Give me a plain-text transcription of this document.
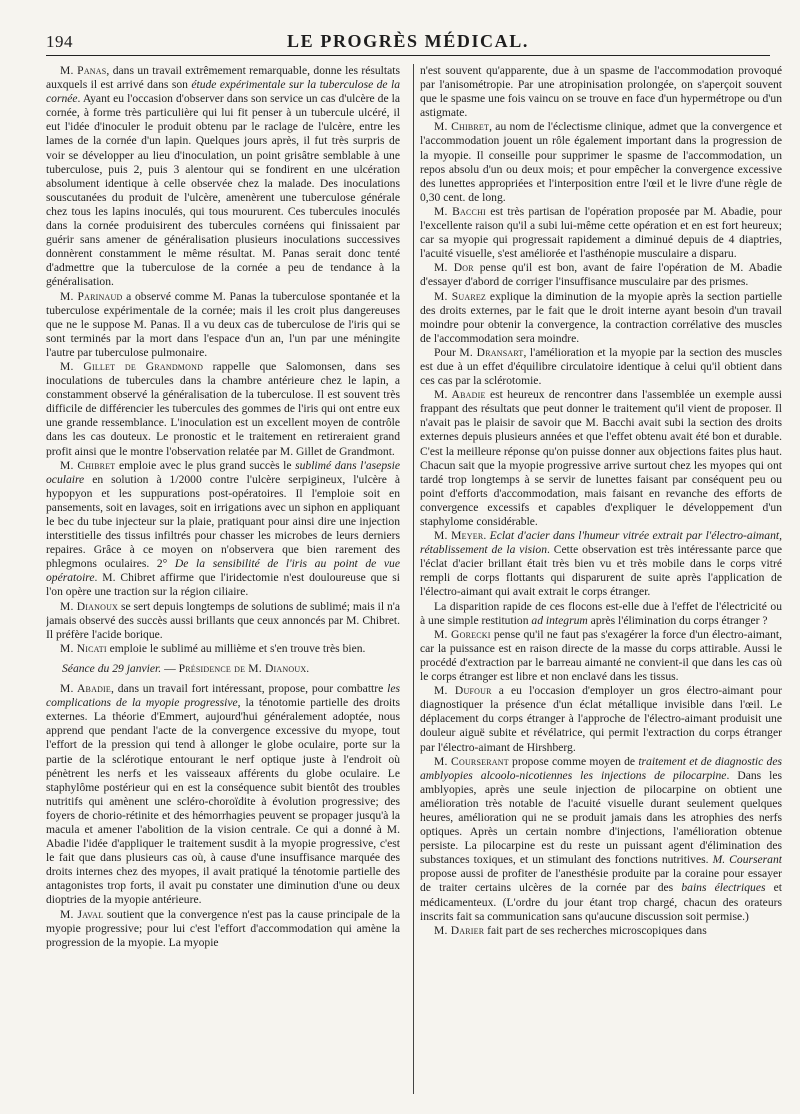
194	LE PROGRÈS MÉDICAL.

M. Panas, dans un travail extrêmement remarquable, donne les résultats auxquels il est arrivé dans son étude expérimentale sur la tuberculose de la cornée. Ayant eu l'occasion d'observer dans son service un cas d'ulcère de la cornée, à forme très particulière qui lui fit penser à un tubercule ulcéré, il eut l'idée d'inoculer le produit obtenu par le raclage de l'ulcère, entre les lames de la cornée d'un lapin. Quelques jours après, il fut très surpris de voir se développer au lieu d'inoculation, un point grisâtre semblable à une tuberculose, puis 2, puis 3 alentour qui se fondirent en une ulcération absolument identique à celle observée chez la malade. Des inoculations souscutanées du produit de l'ulcère, amenèrent une tuberculose générale chez tous les lapins inoculés, qui tous moururent. Ces tubercules inoculés dans la cornée produisirent des tubercules cornéens qui finissaient par guérir sans amener de généralisation plusieurs inoculations successives donnèrent constamment le même résultat. M. Panas serait donc tenté d'admettre que la tuberculose de la cornée a peu de tendance à la généralisation.

M. Parinaud a observé comme M. Panas la tuberculose spontanée et la tuberculose expérimentale de la cornée; mais il les croit plus dangereuses que ne le suppose M. Panas. Il a vu deux cas de tuberculose de l'iris qui se sont terminés par la mort dans l'espace d'un an, l'un par une méningite l'autre par tuberculose pulmonaire.

M. Gillet de Grandmond rappelle que Salomonsen, dans ses inoculations de tubercules dans la chambre antérieure chez le lapin, a constamment observé la généralisation de la tuberculose. Il est souvent très difficile de différencier les tubercules des gommes de l'iris qui ont entre eux une grande ressemblance. L'inoculation est un excellent moyen de contrôle dans les cas douteux. Le pronostic et le traitement en retireraient grand profit ainsi que le montre l'observation relatée par M. Gillet de Grandmont.

M. Chibret emploie avec le plus grand succès le sublimé dans l'asepsie oculaire en solution à 1/2000 contre l'ulcère serpigineux, l'ulcère à hypopyon et les suppurations post-opératoires. Il l'emploie soit en pansements, soit en lavages, soit en irrigations avec un siphon en appliquant le bec du tube injecteur sur la plaie, pratiquant pour ainsi dire une injection interstitielle des tissus infiltrés pour chasser les microbes de leurs derniers repaires. Grâce à ce moyen on n'observera que bien rarement des phlegmons oculaires. 2° De la sensibilité de l'iris au point de vue opératoire. M. Chibret affirme que l'iridectomie n'est douloureuse que si l'on opère une traction sur la région ciliaire.

M. Dianoux se sert depuis longtemps de solutions de sublimé; mais il n'a jamais observé des succès aussi brillants que ceux annoncés par M. Chibret. Il préfère l'acide borique.

M. Nicati emploie le sublimé au millième et s'en trouve très bien.

Séance du 29 janvier. — Présidence de M. Dianoux.

M. Abadie, dans un travail fort intéressant, propose, pour combattre les complications de la myopie progressive, la ténotomie partielle des droits externes. La théorie d'Emmert, aujourd'hui généralement adoptée, nous apprend que pendant l'acte de la convergence excessive du myope, tout l'effort de la pression qui tend à allonger le globe oculaire, porte sur la partie de la sclérotique entourant le nerf optique juste à l'endroit où pénètrent les nerfs et les vaisseaux afférents du globe oculaire. Le staphylôme postérieur qui en est la conséquence subit bientôt des troubles nutritifs qui amènent une scléro-choroïdite à évolution progressive; des foyers de chorio-rétinite et des hémorrhagies peuvent se propager jusqu'à la macula et amener l'abolition de la vision centrale. Ce qui a donné à M. Abadie l'idée d'appliquer le traitement susdit à la myopie progressive, c'est le fait que dans plusieurs cas où, à cause d'une insuffisance marquée des droits internes chez des myopes, il avait pratiqué la ténotomie partielle des antagonistes trop forts, il avait pu constater une diminution d'une ou deux dioptries de la myopie antérieure.

M. Javal soutient que la convergence n'est pas la cause principale de la myopie progressive; pour lui c'est l'effort d'accommodation qui amène la progression de la myopie. La myopie

n'est souvent qu'apparente, due à un spasme de l'accommodation provoqué par l'anisométropie. Par une atropinisation prolongée, on s'aperçoit souvent que le spasme une fois vaincu on se trouve en face d'un hypermétrope ou d'un astigmate.

M. Chibret, au nom de l'éclectisme clinique, admet que la convergence et l'accommodation jouent un rôle également important dans la progression de la myopie. Il conseille pour supprimer le spasme de l'accommodation, un repos absolu d'un ou deux mois; et pour empêcher la convergence excessive des lunettes appropriées et l'interposition entre l'œil et le livre d'une règle de 0,30 cent. de long.

M. Bacchi est très partisan de l'opération proposée par M. Abadie, pour l'excellente raison qu'il a subi lui-même cette opération et en est fort heureux; car sa myopie qui progressait rapidement a diminué depuis de 4 diaptries, l'acuité visuelle, s'est améliorée et l'asthénopie musculaire a disparu.

M. Dor pense qu'il est bon, avant de faire l'opération de M. Abadie d'essayer d'abord de corriger l'insuffisance musculaire par des prismes.

M. Suarez explique la diminution de la myopie après la section partielle des droits externes, par le fait que le droit interne ayant besoin d'un travail moindre pour obtenir la convergence, la contraction corrélative des muscles de l'accommodation sera moindre.

Pour M. Dransart, l'amélioration et la myopie par la section des muscles est due à un effet d'équilibre circulatoire identique à celui qu'il obtient dans ces cas par la sclérotomie.

M. Abadie est heureux de rencontrer dans l'assemblée un exemple aussi frappant des résultats que peut donner le traitement qu'il vient de proposer. Il n'avait pas le plaisir de savoir que M. Bacchi avait subi la section des droits externes depuis plusieurs années et que l'effet obtenu avait été bon et durable. C'est la meilleure réponse qu'on puisse donner aux objections faites plus haut. Chacun sait que la myopie progressive arrive surtout chez les myopes qui ont tardé trop longtemps à se servir de lunettes faisant par conséquent peu ou point d'efforts d'accommodation, mais faisant en revanche des efforts de convergence excessifs et capables d'expliquer le développement d'un staphylome considérable.

M. Meyer. Eclat d'acier dans l'humeur vitrée extrait par l'électro-aimant, rétablissement de la vision. Cette observation est très intéressante parce que l'éclat d'acier brillant était très bien vu et très mobile dans le corps vitré rempli de corps flottants qui disparurent de suite après l'application de l'électro-aimant qui avait extrait le corps étranger.

La disparition rapide de ces flocons est-elle due à l'effet de l'électricité ou à une simple restitution ad integrum après l'élimination du corps étranger ?

M. Gorecki pense qu'il ne faut pas s'exagérer la force d'un électro-aimant, car la puissance est en raison directe de la masse du corps attirable. Aussi le procédé d'extraction par le barreau aimanté ne convient-il que dans les cas où le corps étranger est libre et non enclavé dans les tissus.

M. Dufour a eu l'occasion d'employer un gros électro-aimant pour diagnostiquer la présence d'un éclat métallique invisible dans l'œil. Le déplacement du corps étranger à l'approche de l'électro-aimant produisit une douleur aiguë subite et révélatrice, qui permit l'extraction du corps étranger par l'électro-aimant de Hirshberg.

M. Courserant propose comme moyen de traitement et de diagnostic des amblyopies alcoolo-nicotiennes les injections de pilocarpine. Dans les amblyopies, après une seule injection de pilocarpine on obtient une amélioration très notable de l'acuité visuelle durant seulement quelques heures, amélioration qui ne se produit jamais dans les atrophies des nerfs optiques. Après un certain nombre d'injections, l'amélioration obtenue persiste. La pilocarpine est du reste un puissant agent d'élimination des substances toxiques, et un stimulant des fonctions nutritives. M. Courserant propose aussi de profiter de l'anesthésie produite par la coraine pour essayer de traiter certains ulcères de la cornée par des bains électriques et médicamenteux. (L'ordre du jour étant trop chargé, chacun des orateurs inscrits fait sa communication sans qu'aucune discussion soit permise.)

M. Darier fait part de ses recherches microscopiques dans
